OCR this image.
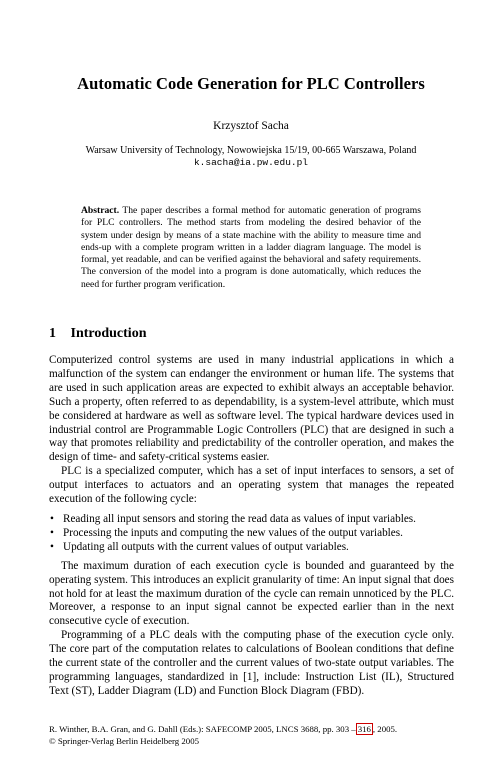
Automatic Code Generation for PLC Controllers
Krzysztof Sacha
Warsaw University of Technology, Nowowiejska 15/19, 00-665 Warszawa, Poland
k.sacha@ia.pw.edu.pl
Abstract. The paper describes a formal method for automatic generation of programs for PLC controllers. The method starts from modeling the desired behavior of the system under design by means of a state machine with the ability to measure time and ends-up with a complete program written in a ladder diagram language. The model is formal, yet readable, and can be verified against the behavioral and safety requirements. The conversion of the model into a program is done automatically, which reduces the need for further program verification.
1 Introduction

Computerized control systems are used in many industrial applications in which a malfunction of the system can endanger the environment or human life. The systems that are used in such application areas are expected to exhibit always an acceptable behavior. Such a property, often referred to as dependability, is a system-level attribute, which must be considered at hardware as well as software level. The typical hardware devices used in industrial control are Programmable Logic Controllers (PLC) that are designed in such a way that promotes reliability and predictability of the controller operation, and makes the design of time- and safety-critical systems easier.

PLC is a specialized computer, which has a set of input interfaces to sensors, a set of output interfaces to actuators and an operating system that manages the repeated execution of the following cycle:

• Reading all input sensors and storing the read data as values of input variables.
• Processing the inputs and computing the new values of the output variables.
• Updating all outputs with the current values of output variables.

The maximum duration of each execution cycle is bounded and guaranteed by the operating system. This introduces an explicit granularity of time: An input signal that does not hold for at least the maximum duration of the cycle can remain unnoticed by the PLC. Moreover, a response to an input signal cannot be expected earlier than in the next consecutive cycle of execution.

Programming of a PLC deals with the computing phase of the execution cycle only. The core part of the computation relates to calculations of Boolean conditions that define the current state of the controller and the current values of two-state output variables. The programming languages, standardized in [1], include: Instruction List (IL), Structured Text (ST), Ladder Diagram (LD) and Function Block Diagram (FBD).

R. Winther, B.A. Gran, and G. Dahll (Eds.): SAFECOMP 2005, LNCS 3688, pp. 303 – 316 , 2005.
© Springer-Verlag Berlin Heidelberg 2005
